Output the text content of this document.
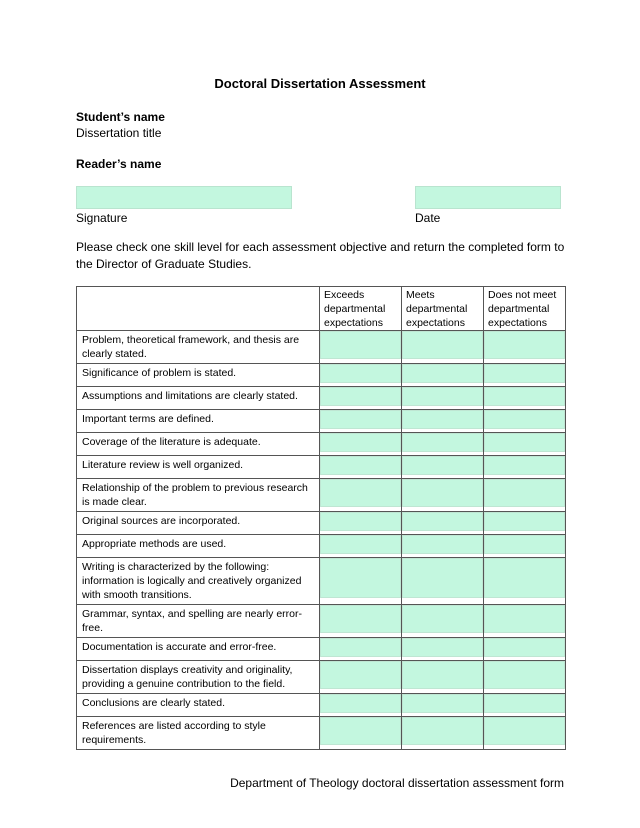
Doctoral Dissertation Assessment
Student’s name
Dissertation title
Reader’s name
Signature	Date
Please check one skill level for each assessment objective and return the completed form to the Director of Graduate Studies.

	Exceeds departmental expectations	Meets departmental expectations	Does not meet departmental expectations

Problem, theoretical framework, and thesis are clearly stated.			

Significance of problem is stated.			

Assumptions and limitations are clearly stated.			

Important terms are defined.			

Coverage of the literature is adequate.			

Literature review is well organized.			

Relationship of the problem to previous research is made clear.			

Original sources are incorporated.			

Appropriate methods are used.			

Writing is characterized by the following: information is logically and creatively organized with smooth transitions.			

Grammar, syntax, and spelling are nearly error-free.			

Documentation is accurate and error-free.			

Dissertation displays creativity and originality, providing a genuine contribution to the field.			

Conclusions are clearly stated.			

References are listed according to style requirements.			

Department of Theology doctoral dissertation assessment form
